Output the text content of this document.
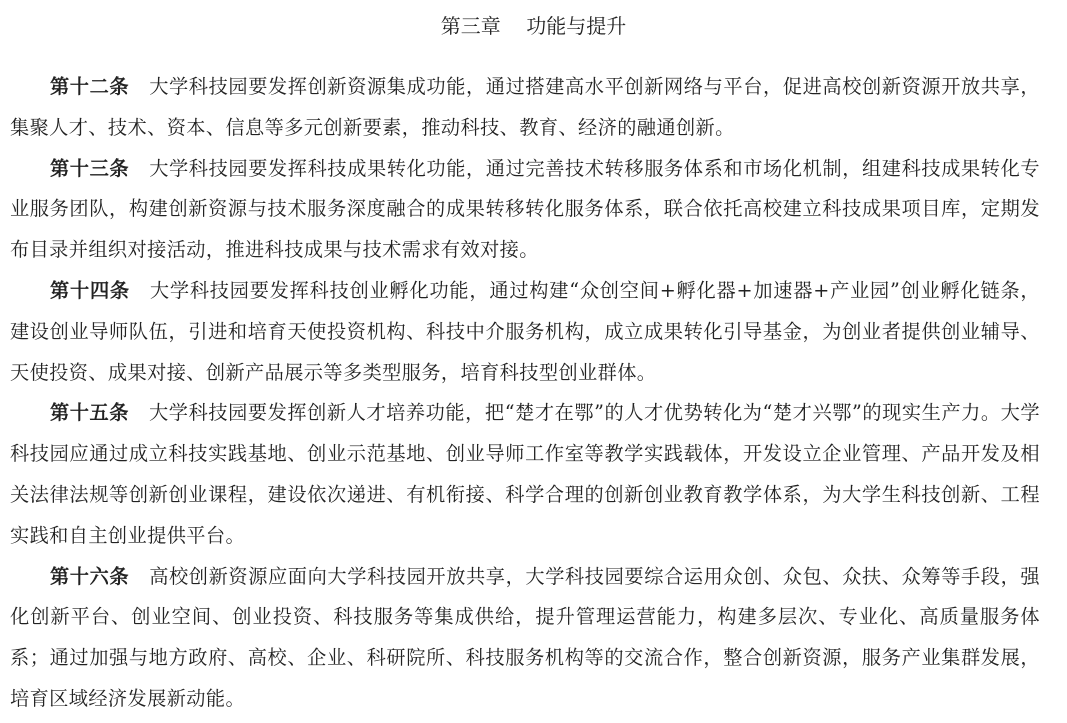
第三章    功能与提升

第十二条 大学科技园要发挥创新资源集成功能，通过搭建高水平创新网络与平台，促进高校创新资源开放共享，集聚人才、技术、资本、信息等多元创新要素，推动科技、教育、经济的融通创新。

第十三条 大学科技园要发挥科技成果转化功能，通过完善技术转移服务体系和市场化机制，组建科技成果转化专业服务团队，构建创新资源与技术服务深度融合的成果转移转化服务体系，联合依托高校建立科技成果项目库，定期发布目录并组织对接活动，推进科技成果与技术需求有效对接。

第十四条 大学科技园要发挥科技创业孵化功能，通过构建“众创空间+孵化器+加速器+产业园”创业孵化链条，建设创业导师队伍，引进和培育天使投资机构、科技中介服务机构，成立成果转化引导基金，为创业者提供创业辅导、天使投资、成果对接、创新产品展示等多类型服务，培育科技型创业群体。

第十五条 大学科技园要发挥创新人才培养功能，把“楚才在鄂”的人才优势转化为“楚才兴鄂”的现实生产力。大学科技园应通过成立科技实践基地、创业示范基地、创业导师工作室等教学实践载体，开发设立企业管理、产品开发及相关法律法规等创新创业课程，建设依次递进、有机衔接、科学合理的创新创业教育教学体系，为大学生科技创新、工程实践和自主创业提供平台。

第十六条 高校创新资源应面向大学科技园开放共享，大学科技园要综合运用众创、众包、众扶、众筹等手段，强化创新平台、创业空间、创业投资、科技服务等集成供给，提升管理运营能力，构建多层次、专业化、高质量服务体系；通过加强与地方政府、高校、企业、科研院所、科技服务机构等的交流合作，整合创新资源，服务产业集群发展，培育区域经济发展新动能。
